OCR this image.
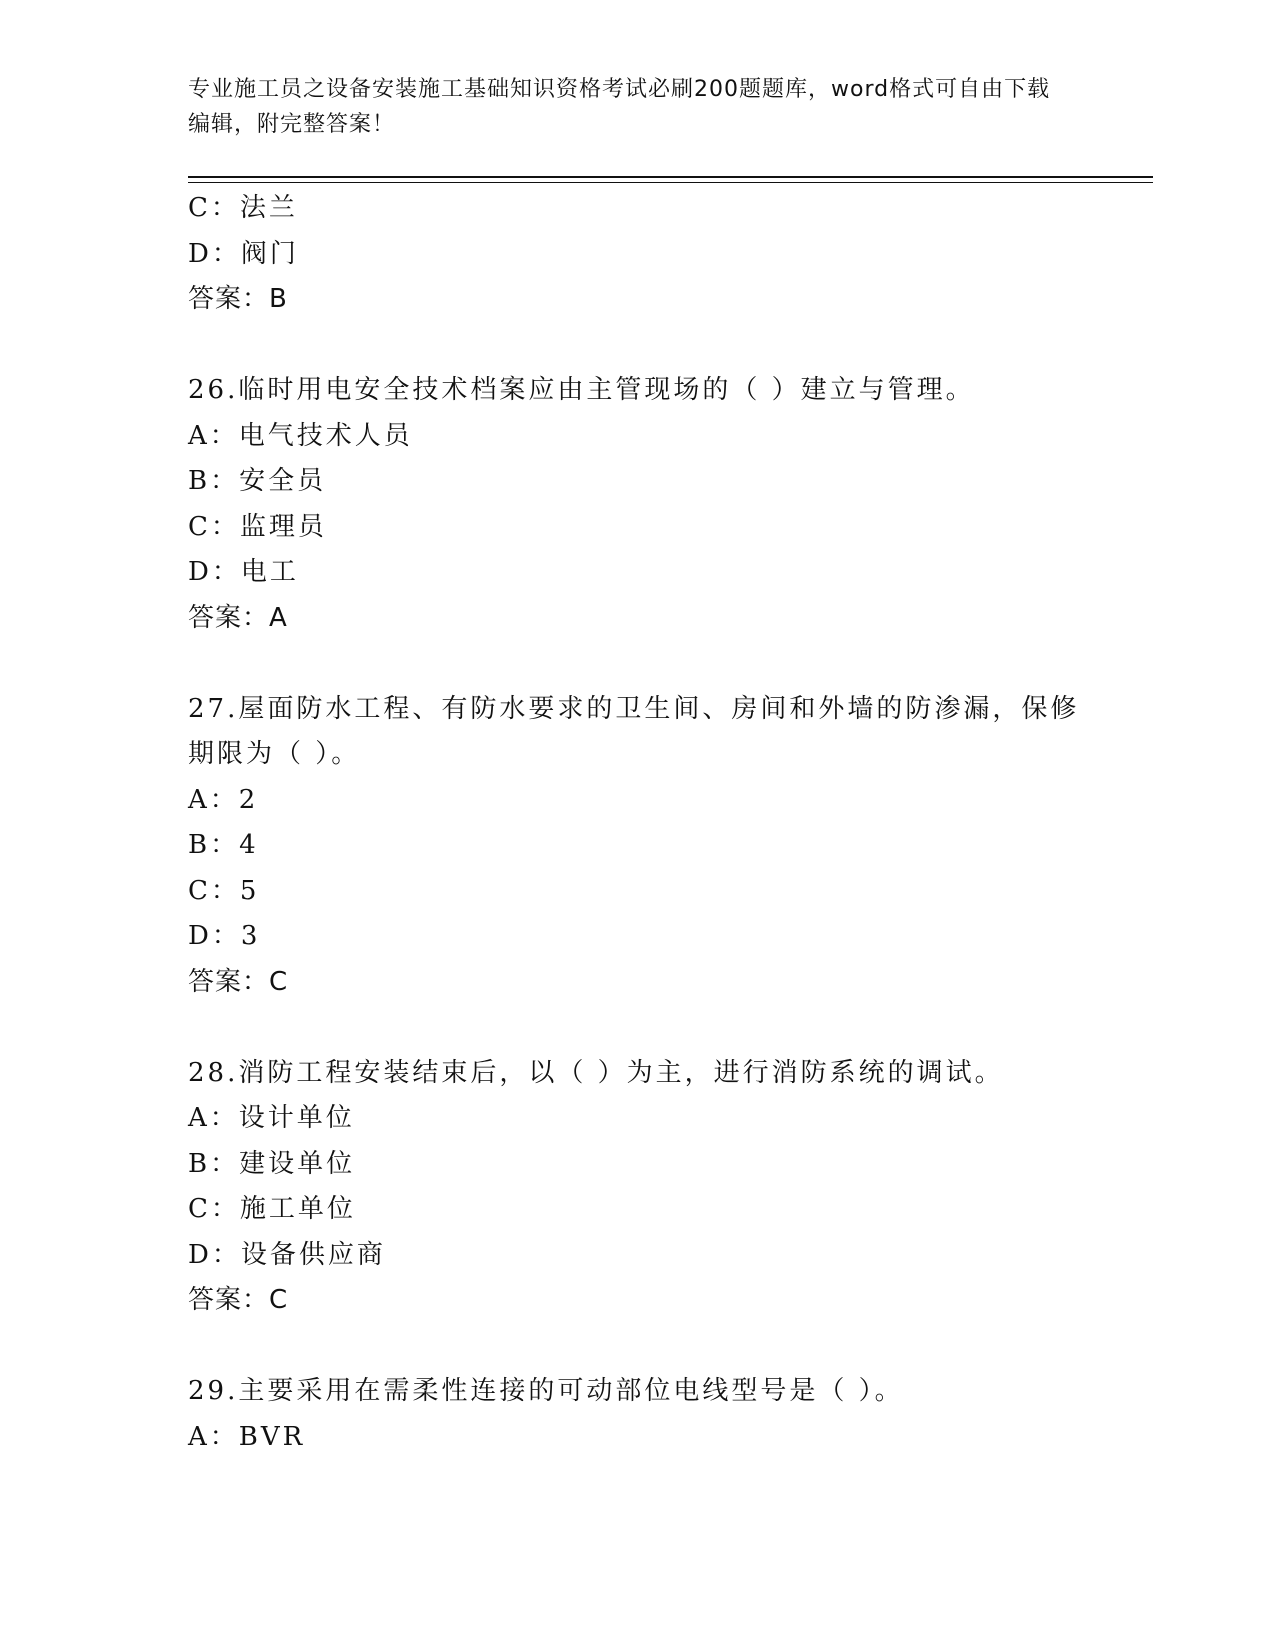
专业施工员之设备安装施工基础知识资格考试必刷200题题库，word格式可自由下载编辑，附完整答案！
C：法兰
D：阀门
答案：B
26.临时用电安全技术档案应由主管现场的（ ）建立与管理。
A：电气技术人员
B：安全员
C：监理员
D：电工
答案：A
27.屋面防水工程、有防水要求的卫生间、房间和外墙的防渗漏，保修期限为（ ）。
A：2
B：4
C：5
D：3
答案：C
28.消防工程安装结束后，以（ ）为主，进行消防系统的调试。
A：设计单位
B：建设单位
C：施工单位
D：设备供应商
答案：C
29.主要采用在需柔性连接的可动部位电线型号是（ ）。
A：BVR
